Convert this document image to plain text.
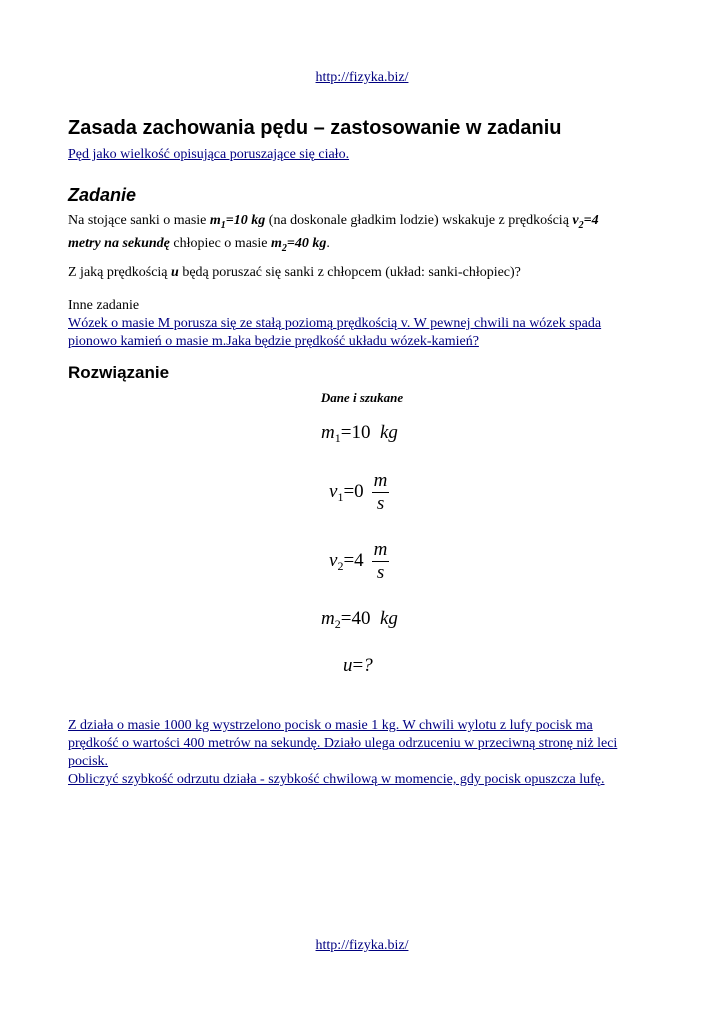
http://fizyka.biz/
Zasada zachowania pędu – zastosowanie w zadaniu
Pęd jako wielkość opisująca poruszające się ciało.
Zadanie
Na stojące sanki o masie $m_1=10$ kg (na doskonale gładkim lodzie) wskakuje z prędkością $v_2=4$
metry na sekundę chłopiec o masie $m_2=40$ kg.
Z jaką prędkością u będą poruszać się sanki z chłopcem (układ: sanki-chłopiec)?
Inne zadanie
Wózek o masie M porusza się ze stałą poziomą prędkością v. W pewnej chwili na wózek spada
pionowo kamień o masie m.Jaka będzie prędkość układu wózek-kamień?
Rozwiązanie
Dane i szukane
$m_1=10$ kg
$v_1=0 \frac{m}{s}$
$v_2=4 \frac{m}{s}$
$m_2=40$ kg
u=?
Z działa o masie 1000 kg wystrzelono pocisk o masie 1 kg. W chwili wylotu z lufy pocisk ma
prędkość o wartości 400 metrów na sekundę. Działo ulega odrzuceniu w przeciwną stronę niż leci
pocisk.
Obliczyć szybkość odrzutu działa - szybkość chwilową w momencie, gdy pocisk opuszcza lufę.
http://fizyka.biz/
